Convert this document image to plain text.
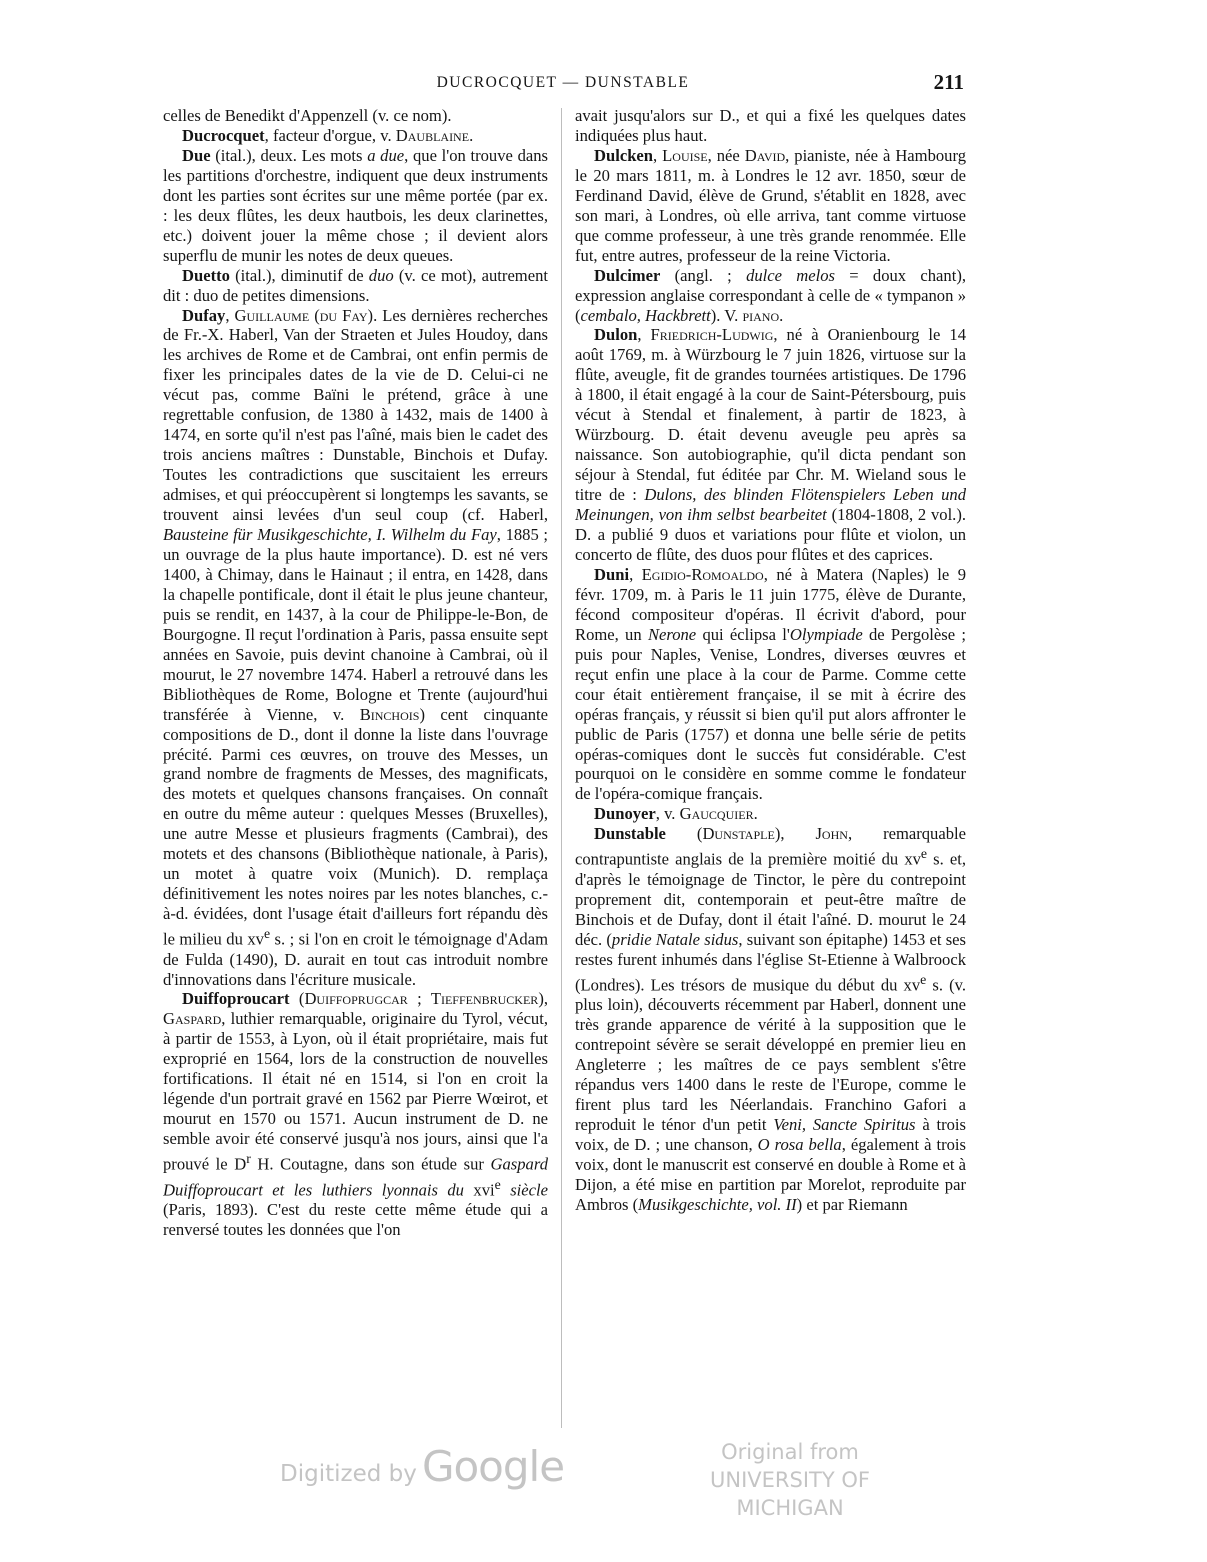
DUCROCQUET — DUNSTABLE	211

celles de Benedikt d'Appenzell (v. ce nom).

Ducrocquet, facteur d'orgue, v. Daublaine.

Due (ital.), deux. Les mots a due, que l'on trouve dans les partitions d'orchestre, indiquent que deux instruments dont les parties sont écrites sur une même portée (par ex. : les deux flûtes, les deux hautbois, les deux clarinettes, etc.) doivent jouer la même chose ; il devient alors superflu de munir les notes de deux queues.

Duetto (ital.), diminutif de duo (v. ce mot), autrement dit : duo de petites dimensions.

Dufay, Guillaume (du Fay). Les dernières recherches de Fr.-X. Haberl, Van der Straeten et Jules Houdoy, dans les archives de Rome et de Cambrai, ont enfin permis de fixer les principales dates de la vie de D. Celui-ci ne vécut pas, comme Baïni le prétend, grâce à une regrettable confusion, de 1380 à 1432, mais de 1400 à 1474, en sorte qu'il n'est pas l'aîné, mais bien le cadet des trois anciens maîtres : Dunstable, Binchois et Dufay. Toutes les contradictions que suscitaient les erreurs admises, et qui préoccupèrent si longtemps les savants, se trouvent ainsi levées d'un seul coup (cf. Haberl, Bausteine für Musikgeschichte, I. Wilhelm du Fay, 1885 ; un ouvrage de la plus haute importance). D. est né vers 1400, à Chimay, dans le Hainaut ; il entra, en 1428, dans la chapelle pontificale, dont il était le plus jeune chanteur, puis se rendit, en 1437, à la cour de Philippe-le-Bon, de Bourgogne. Il reçut l'ordination à Paris, passa ensuite sept années en Savoie, puis devint chanoine à Cambrai, où il mourut, le 27 novembre 1474. Haberl a retrouvé dans les Bibliothèques de Rome, Bologne et Trente (aujourd'hui transférée à Vienne, v. Binchois) cent cinquante compositions de D., dont il donne la liste dans l'ouvrage précité. Parmi ces œuvres, on trouve des Messes, un grand nombre de fragments de Messes, des magnificats, des motets et quelques chansons françaises. On connaît en outre du même auteur : quelques Messes (Bruxelles), une autre Messe et plusieurs fragments (Cambrai), des motets et des chansons (Bibliothèque nationale, à Paris), un motet à quatre voix (Munich). D. remplaça définitivement les notes noires par les notes blanches, c.-à-d. évidées, dont l'usage était d'ailleurs fort répandu dès le milieu du $xv^e$ s. ; si l'on en croit le témoignage d'Adam de Fulda (1490), D. aurait en tout cas introduit nombre d'innovations dans l'écriture musicale.

Duiffoproucart (Duiffoprugcar ; Tieffenbrucker), Gaspard, luthier remarquable, originaire du Tyrol, vécut, à partir de 1553, à Lyon, où il était propriétaire, mais fut exproprié en 1564, lors de la construction de nouvelles fortifications. Il était né en 1514, si l'on en croit la légende d'un portrait gravé en 1562 par Pierre Wœirot, et mourut en 1570 ou 1571. Aucun instrument de D. ne semble avoir été conservé jusqu'à nos jours, ainsi que l'a prouvé le $D^r$ H. Coutagne, dans son étude sur Gaspard Duiffoproucart et les luthiers lyonnais du xvi$^e$ siècle (Paris, 1893). C'est du reste cette même étude qui a renversé toutes les données que l'on

avait jusqu'alors sur D., et qui a fixé les quelques dates indiquées plus haut.

Dulcken, Louise, née David, pianiste, née à Hambourg le 20 mars 1811, m. à Londres le 12 avr. 1850, sœur de Ferdinand David, élève de Grund, s'établit en 1828, avec son mari, à Londres, où elle arriva, tant comme virtuose que comme professeur, à une très grande renommée. Elle fut, entre autres, professeur de la reine Victoria.

Dulcimer (angl. ; dulce melos = doux chant), expression anglaise correspondant à celle de « tympanon » (cembalo, Hackbrett). V. piano.

Dulon, Friedrich-Ludwig, né à Oranienbourg le 14 août 1769, m. à Würzbourg le 7 juin 1826, virtuose sur la flûte, aveugle, fit de grandes tournées artistiques. De 1796 à 1800, il était engagé à la cour de Saint-Pétersbourg, puis vécut à Stendal et finalement, à partir de 1823, à Würzbourg. D. était devenu aveugle peu après sa naissance. Son autobiographie, qu'il dicta pendant son séjour à Stendal, fut éditée par Chr. M. Wieland sous le titre de : Dulons, des blinden Flötenspielers Leben und Meinungen, von ihm selbst bearbeitet (1804-1808, 2 vol.). D. a publié 9 duos et variations pour flûte et violon, un concerto de flûte, des duos pour flûtes et des caprices.

Duni, Egidio-Romoaldo, né à Matera (Naples) le 9 févr. 1709, m. à Paris le 11 juin 1775, élève de Durante, fécond compositeur d'opéras. Il écrivit d'abord, pour Rome, un Nerone qui éclipsa l'Olympiade de Pergolèse ; puis pour Naples, Venise, Londres, diverses œuvres et reçut enfin une place à la cour de Parme. Comme cette cour était entièrement française, il se mit à écrire des opéras français, y réussit si bien qu'il put alors affronter le public de Paris (1757) et donna une belle série de petits opéras-comiques dont le succès fut considérable. C'est pourquoi on le considère en somme comme le fondateur de l'opéra-comique français.

Dunoyer, v. Gaucquier.

Dunstable (Dunstaple), John, remarquable contrapuntiste anglais de la première moitié du $xv^e$ s. et, d'après le témoignage de Tinctor, le père du contrepoint proprement dit, contemporain et peut-être maître de Binchois et de Dufay, dont il était l'aîné. D. mourut le 24 déc. (pridie Natale sidus, suivant son épitaphe) 1453 et ses restes furent inhumés dans l'église St-Etienne à Walbroock (Londres). Les trésors de musique du début du $xv^e$ s. (v. plus loin), découverts récemment par Haberl, donnent une très grande apparence de vérité à la supposition que le contrepoint sévère se serait développé en premier lieu en Angleterre ; les maîtres de ce pays semblent s'être répandus vers 1400 dans le reste de l'Europe, comme le firent plus tard les Néerlandais. Franchino Gafori a reproduit le ténor d'un petit Veni, Sancte Spiritus à trois voix, de D. ; une chanson, O rosa bella, également à trois voix, dont le manuscrit est conservé en double à Rome et à Dijon, a été mise en partition par Morelot, reproduite par Ambros (Musikgeschichte, vol. II) et par Riemann

Digitized by Google	Original from
UNIVERSITY OF MICHIGAN
